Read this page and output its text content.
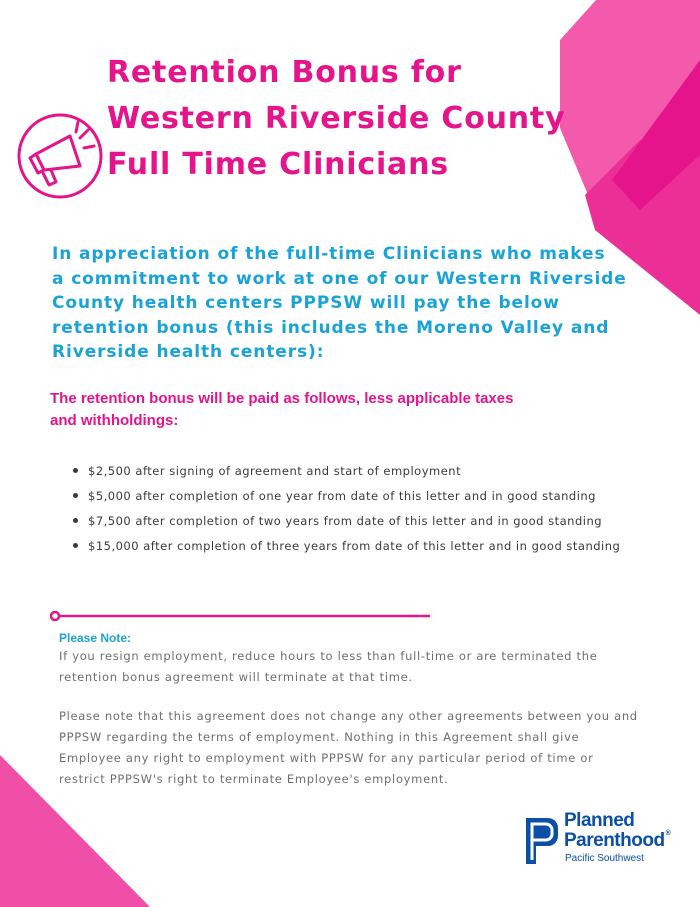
Retention Bonus for
Western Riverside County
Full Time Clinicians
In appreciation of the full-time Clinicians who makes
a commitment to work at one of our Western Riverside
County health centers PPPSW will pay the below
retention bonus (this includes the Moreno Valley and
Riverside health centers):
The retention bonus will be paid as follows, less applicable taxes
and withholdings:
$2,500 after signing of agreement and start of employment
$5,000 after completion of one year from date of this letter and in good standing
$7,500 after completion of two years from date of this letter and in good standing
$15,000 after completion of three years from date of this letter and in good standing
Please Note:
If you resign employment, reduce hours to less than full-time or are terminated the
retention bonus agreement will terminate at that time.
Please note that this agreement does not change any other agreements between you and
PPPSW regarding the terms of employment. Nothing in this Agreement shall give
Employee any right to employment with PPPSW for any particular period of time or
restrict PPPSW's right to terminate Employee's employment.
Planned
Parenthood®
Pacific Southwest
